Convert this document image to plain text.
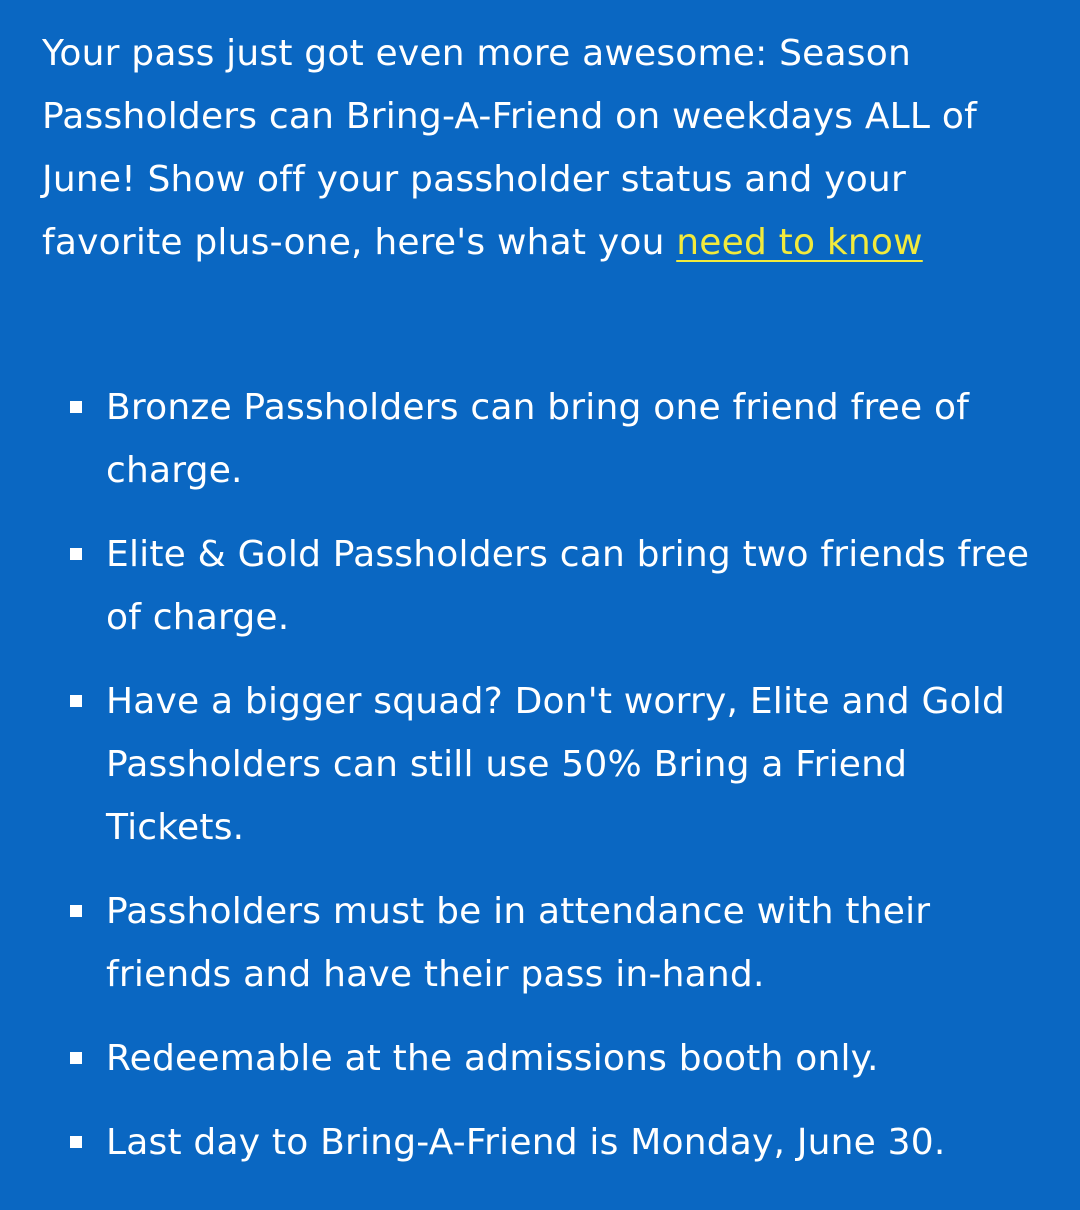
Your pass just got even more awesome: Season Passholders can Bring-A-Friend on weekdays ALL of June! Show off your passholder status and your favorite plus-one, here's what you need to know

Bronze Passholders can bring one friend free of charge.
Elite & Gold Passholders can bring two friends free of charge.
Have a bigger squad? Don't worry, Elite and Gold Passholders can still use 50% Bring a Friend Tickets.
Passholders must be in attendance with their friends and have their pass in-hand.
Redeemable at the admissions booth only.
Last day to Bring-A-Friend is Monday, June 30.
